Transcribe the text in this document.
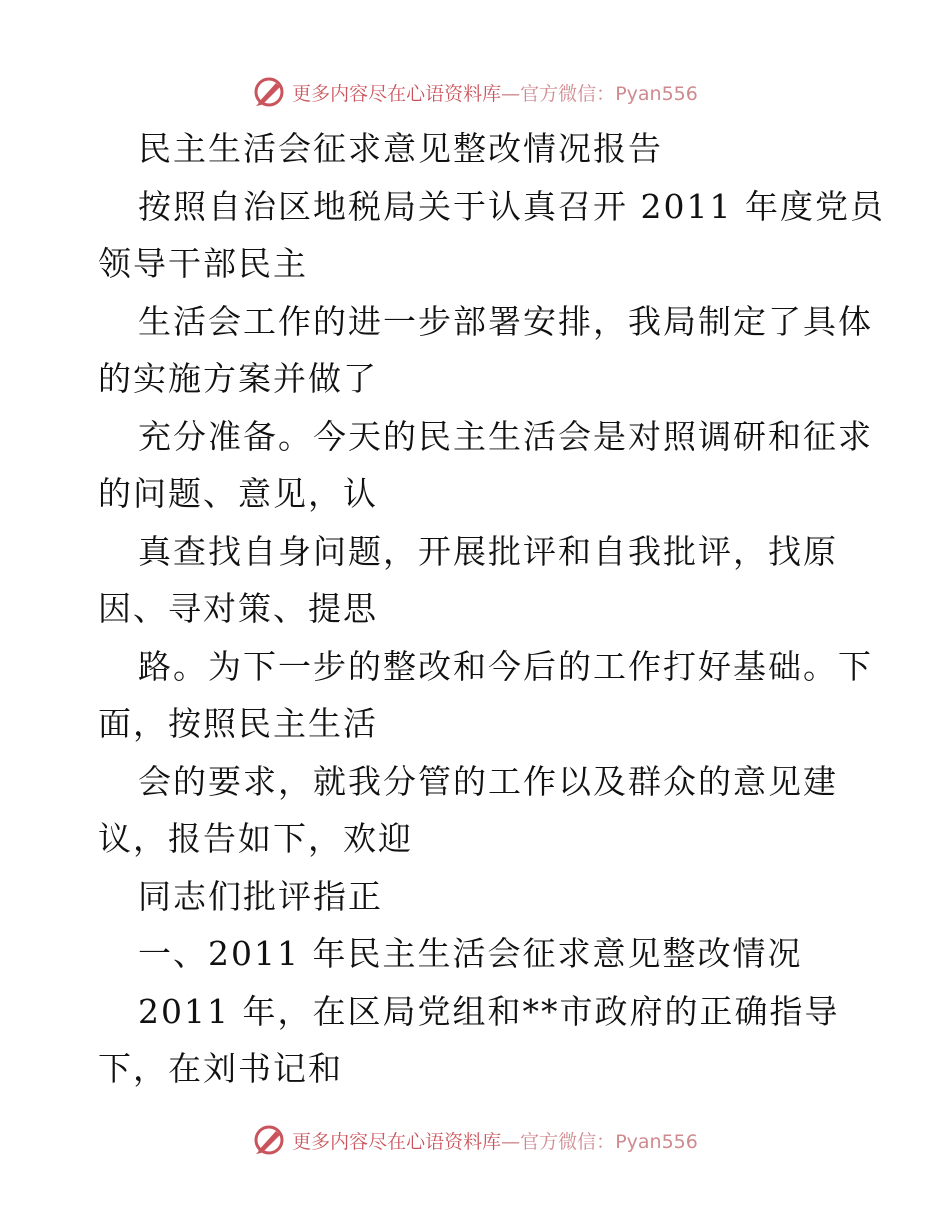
更多内容尽在心语资料库—官方微信：Pyan556
民主生活会征求意见整改情况报告
按照自治区地税局关于认真召开 2011 年度党员
领导干部民主
生活会工作的进一步部署安排，我局制定了具体
的实施方案并做了
充分准备。今天的民主生活会是对照调研和征求
的问题、意见，认
真查找自身问题，开展批评和自我批评，找原
因、寻对策、提思
路。为下一步的整改和今后的工作打好基础。下
面，按照民主生活
会的要求，就我分管的工作以及群众的意见建
议，报告如下，欢迎
同志们批评指正
一、2011 年民主生活会征求意见整改情况
2011 年，在区局党组和**市政府的正确指导
下，在刘书记和
更多内容尽在心语资料库—官方微信：Pyan556
